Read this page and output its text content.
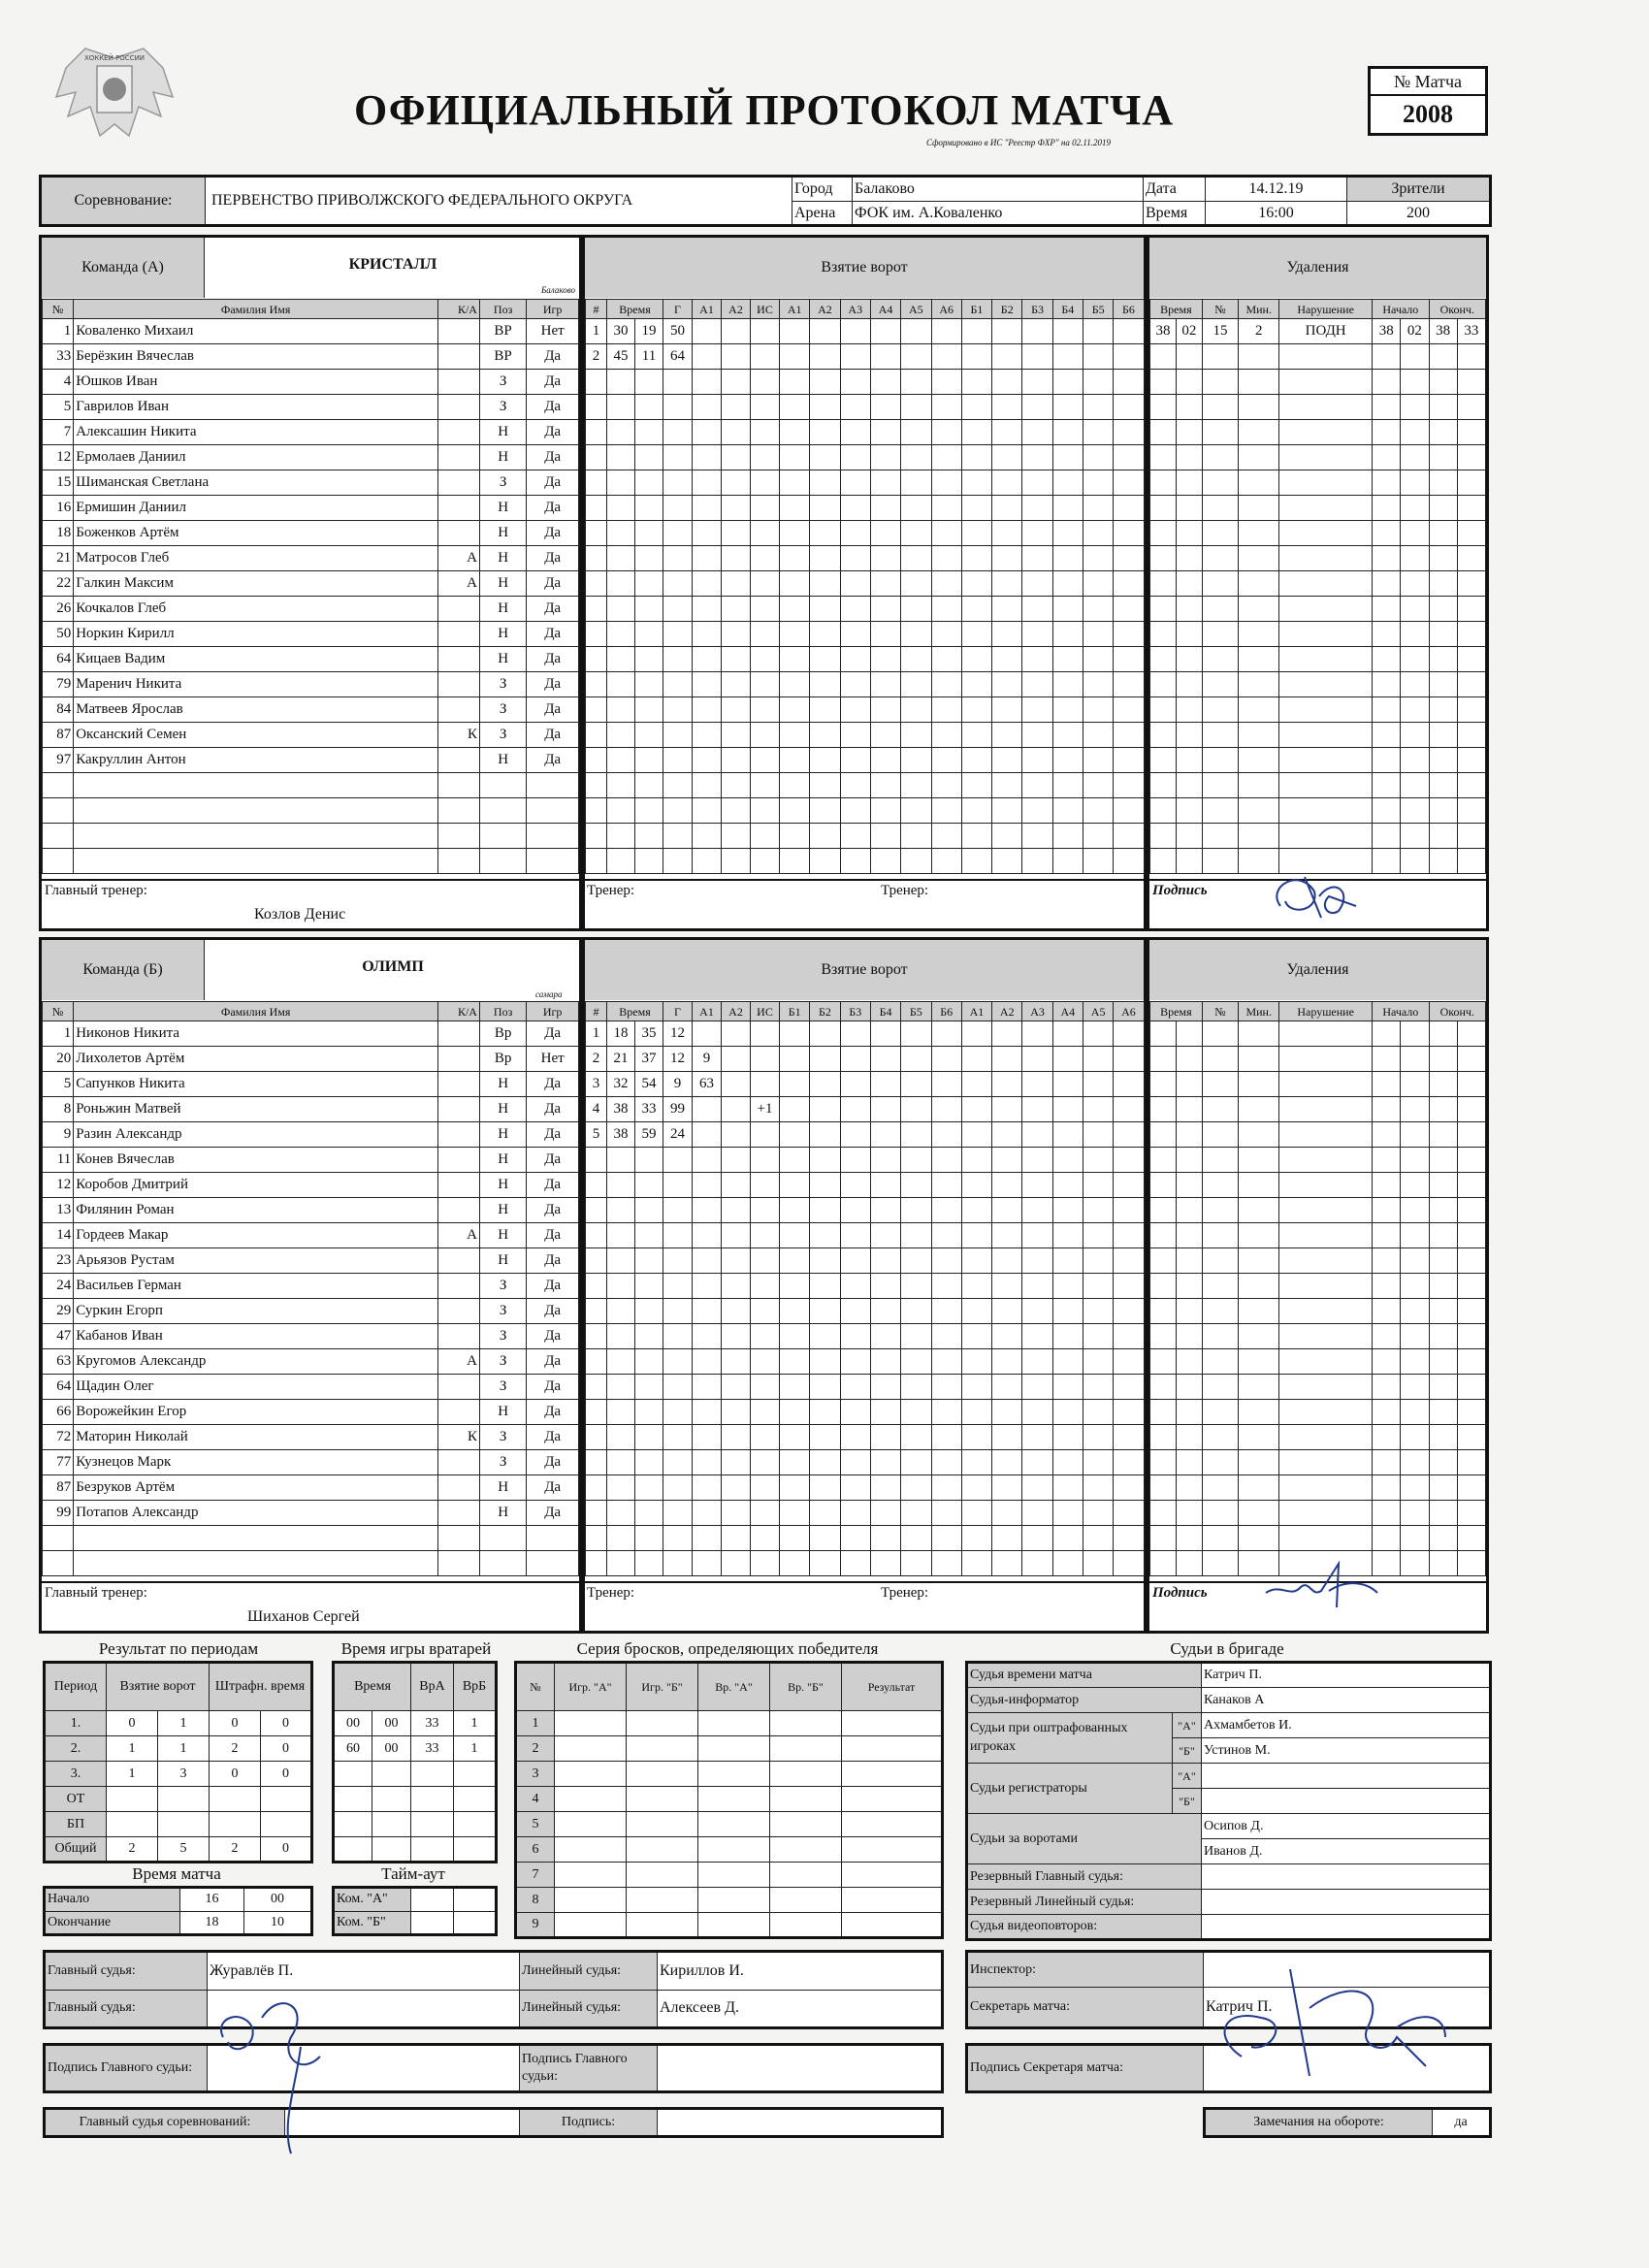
ХОККЕЙ РОССИИ
ОФИЦИАЛЬНЫЙ ПРОТОКОЛ МАТЧА
Сформировано в ИС "Реестр ФХР" на 02.11.2019
№ Матча
2008
Соревнование:	ПЕРВЕНСТВО ПРИВОЛЖСКОГО ФЕДЕРАЛЬНОГО ОКРУГА	Город	Балаково	Дата	14.12.19	Зрители
		Арена	ФОК им. А.Коваленко	Время	16:00	200
Команда (А)	КРИСТАЛЛ
Балаково
Взятие ворот	Удаления
№	Фамилия Имя	К/А	Поз	Игр
1	Коваленко Михаил		ВР	Нет
33	Берёзкин Вячеслав		ВР	Да
4	Юшков Иван		З	Да
5	Гаврилов Иван		З	Да
7	Алексашин Никита		Н	Да
12	Ермолаев Даниил		Н	Да
15	Шиманская Светлана		З	Да
16	Ермишин Даниил		Н	Да
18	Боженков Артём		Н	Да
21	Матросов Глеб	А	Н	Да
22	Галкин Максим	А	Н	Да
26	Кочкалов Глеб		Н	Да
50	Норкин Кирилл		Н	Да
64	Кицаев Вадим		Н	Да
79	Маренич Никита		З	Да
84	Матвеев Ярослав		З	Да
87	Оксанский Семен	К	З	Да
97	Какруллин Антон		Н	Да

#	Время		Г	А1	А2	ИС	А1	А2	А3	А4	А5	А6	Б1	Б2	Б3	Б4	Б5	Б6
1	30	19	50															
2	45	11	64															

Время		№	Мин.	Нарушение	Начало		Оконч.	
38	02	15	2	ПОДН	38	02	38	33

Главный тренер:
Козлов Денис
Тренер:	Тренер:	Подпись
Команда (Б)	ОЛИМП
самара
Взятие ворот	Удаления
№	Фамилия Имя	К/А	Поз	Игр
1	Никонов Никита		Вр	Да
20	Лихолетов Артём		Вр	Нет
5	Сапунков Никита		Н	Да
8	Роньжин Матвей		Н	Да
9	Разин Александр		Н	Да
11	Конев Вячеслав		Н	Да
12	Коробов Дмитрий		Н	Да
13	Филянин Роман		Н	Да
14	Гордеев Макар	А	Н	Да
23	Арьязов Рустам		Н	Да
24	Васильев Герман		З	Да
29	Суркин Егорп		З	Да
47	Кабанов Иван		З	Да
63	Кругомов Александр	А	З	Да
64	Щадин Олег		З	Да
66	Ворожейкин Егор		Н	Да
72	Маторин Николай	К	З	Да
77	Кузнецов Марк		З	Да
87	Безруков Артём		Н	Да
99	Потапов Александр		Н	Да

#	Время		Г	А1	А2	ИС	Б1	Б2	Б3	Б4	Б5	Б6	А1	А2	А3	А4	А5	А6
1	18	35	12															
2	21	37	12	9														
3	32	54	9	63														
4	38	33	99			+1												
5	38	59	24															

Время		№	Мин.	Нарушение	Начало		Оконч.	

Главный тренер:
Шиханов Сергей
Тренер:	Тренер:	Подпись
Результат по периодам
Период	Взятие ворот		Штрафн. время	
1.	0	1	0	0
2.	1	1	2	0
3.	1	3	0	0
ОТ				
БП				
Общий	2	5	2	0
Время игры вратарей
Время		ВрА	ВрБ
00	00	33	1
60	00	33	1

Серия бросков, определяющих победителя
№	Игр. "А"	Игр. "Б"	Вр. "А"	Вр. "Б"	Результат
1					
2					
3					
4					
5					
6					
7					
8					
9					
Время матча
Начало	16	00
Окончание	18	10
Тайм-аут
Ком. "А"		
Ком. "Б"		
Судьи в бригаде
Судья времени матча		Катрич П.
Судья-информатор		Канаков А
Судьи при оштрафованных игроках	"А"	Ахмамбетов И.
	"Б"	Устинов М.
Судьи регистраторы	"А"	
	"Б"	
Судьи за воротами		Осипов Д.
		Иванов Д.
Резервный Главный судья:		
Резервный Линейный судья:		
Судья видеоповторов:		
Главный судья:	Журавлёв П.	Линейный судья:	Кириллов И.
Главный судья:		Линейный судья:	Алексеев Д.
Инспектор:	
Секретарь матча:	Катрич П.
Подпись Главного судьи:		Подпись Главного судьи:	
Подпись Секретаря матча:	
Главный судья соревнований:		Подпись:		Замечания на обороте:	да
